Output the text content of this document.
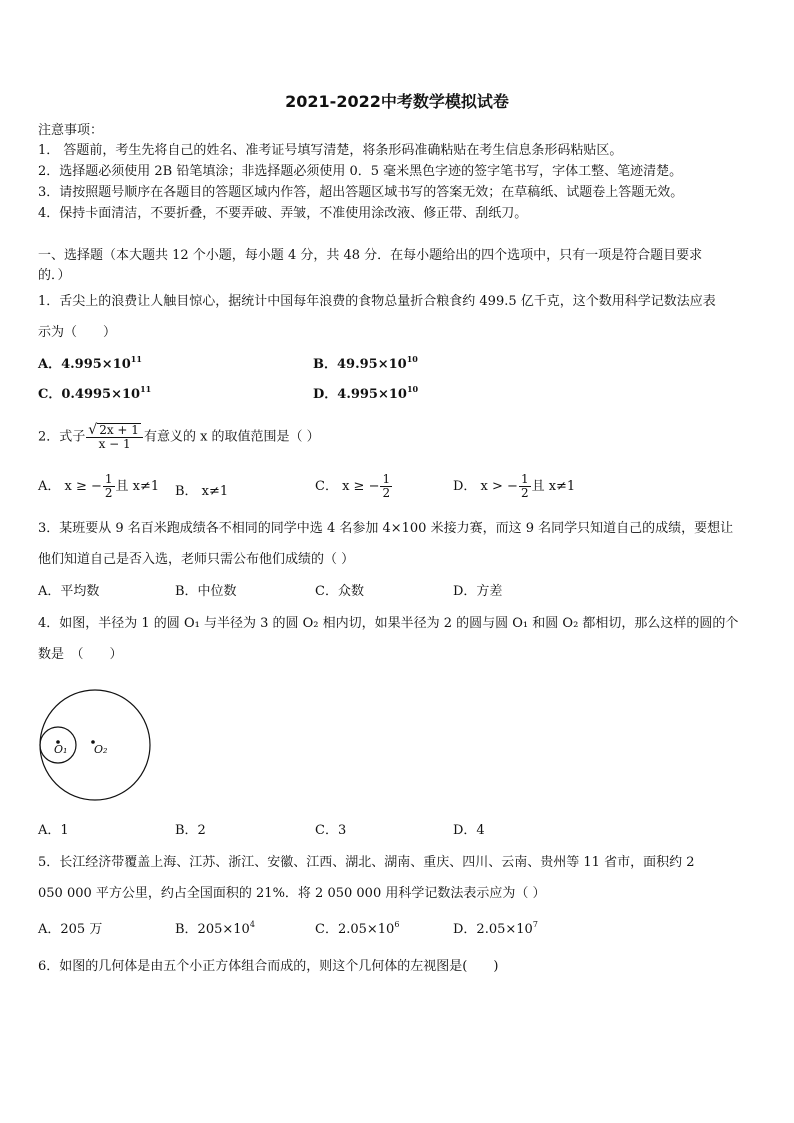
2021-2022中考数学模拟试卷
注意事项：
1． 答题前，考生先将自己的姓名、准考证号填写清楚，将条形码准确粘贴在考生信息条形码粘贴区。
2．选择题必须使用 2B 铅笔填涂；非选择题必须使用 0．5 毫米黑色字迹的签字笔书写，字体工整、笔迹清楚。
3．请按照题号顺序在各题目的答题区域内作答，超出答题区域书写的答案无效；在草稿纸、试题卷上答题无效。
4．保持卡面清洁，不要折叠，不要弄破、弄皱，不准使用涂改液、修正带、刮纸刀。
一、选择题（本大题共 12 个小题，每小题 4 分，共 48 分．在每小题给出的四个选项中，只有一项是符合题目要求
的．）
1．舌尖上的浪费让人触目惊心，据统计中国每年浪费的食物总量折合粮食约 499.5 亿千克，这个数用科学记数法应表
示为（　　）
A．$4.995\times 10^{11}$	B．$49.95\times 10^{10}$
C．$0.4995\times 10^{11}$	D．$4.995\times 10^{10}$
2．式子 $\frac{√ 2x + 1}{x - 1}$ 有意义的 x 的取值范围是（ ）
A． x ≥ − $\frac{1}{2}$ 且 x≠1 B． x≠1	C． x ≥ − $\frac{1}{2}$	D． x > − $\frac{1}{2}$ 且 x≠1
3．某班要从 9 名百米跑成绩各不相同的同学中选 4 名参加 4×100 米接力赛，而这 9 名同学只知道自己的成绩，要想让
他们知道自己是否入选，老师只需公布他们成绩的（ ）
A．平均数	B．中位数	C．众数	D．方差
4．如图，半径为 1 的圆 O₁ 与半径为 3 的圆 O₂ 相内切，如果半径为 2 的圆与圆 O₁ 和圆 O₂ 都相切，那么这样的圆的个
数是　（　　）
O₁ O₂
A．1	B．2	C．3	D．4
5．长江经济带覆盖上海、江苏、浙江、安徽、江西、湖北、湖南、重庆、四川、云南、贵州等 11 省市，面积约 2
050 000 平方公里，约占全国面积的 21%．将 2 050 000 用科学记数法表示应为（ ）
A．205 万	B．$205\times 10^4$	C．$2.05\times 10^6$	D．$2.05\times 10^7$
6．如图的几何体是由五个小正方体组合而成的，则这个几何体的左视图是(　　)
